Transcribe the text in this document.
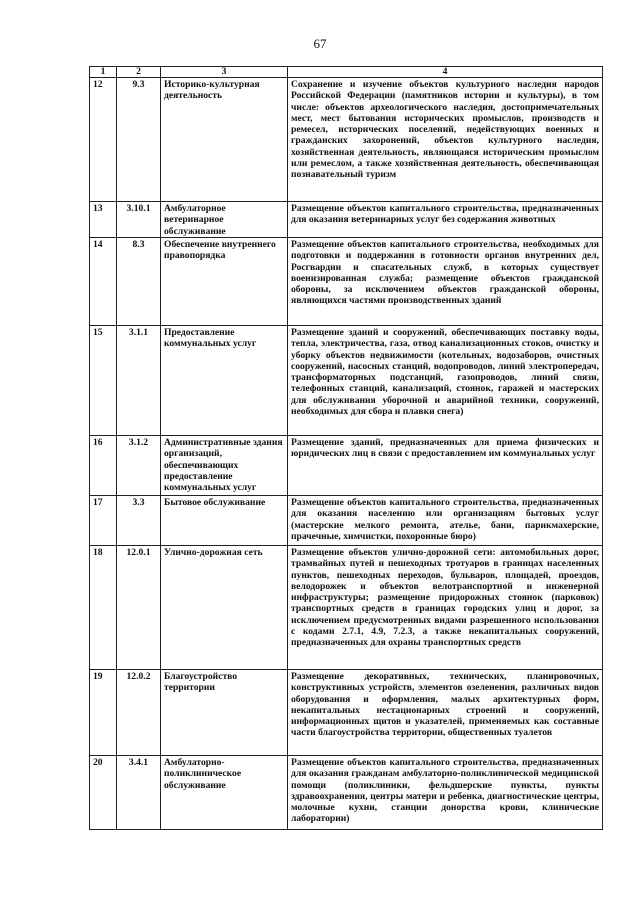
67
1	2	3	4
12	9.3	Историко-культурная деятельность	Сохранение и изучение объектов культурного наследия народов Российской Федерации (памятников истории и культуры), в том числе: объектов археологического наследия, достопримечательных мест, мест бытования исторических промыслов, производств и ремесел, исторических поселений, недействующих военных и гражданских захоронений, объектов культурного наследия, хозяйственная деятельность, являющаяся историческим промыслом или ремеслом, а также хозяйственная деятельность, обеспечивающая познавательный туризм
13	3.10.1	Амбулаторное ветеринарное обслуживание	Размещение объектов капитального строительства, предназначенных для оказания ветеринарных услуг без содержания животных
14	8.3	Обеспечение внутреннего правопорядка	Размещение объектов капитального строительства, необходимых для подготовки и поддержания в готовности органов внутренних дел, Росгвардии и спасательных служб, в которых существует военизированная служба; размещение объектов гражданской обороны, за исключением объектов гражданской обороны, являющихся частями производственных зданий
15	3.1.1	Предоставление коммунальных услуг	Размещение зданий и сооружений, обеспечивающих поставку воды, тепла, электричества, газа, отвод канализационных стоков, очистку и уборку объектов недвижимости (котельных, водозаборов, очистных сооружений, насосных станций, водопроводов, линий электропередач, трансформаторных подстанций, газопроводов, линий связи, телефонных станций, канализаций, стоянок, гаражей и мастерских для обслуживания уборочной и аварийной техники, сооружений, необходимых для сбора и плавки снега)
16	3.1.2	Административные здания организаций, обеспечивающих предоставление коммунальных услуг	Размещение зданий, предназначенных для приема физических и юридических лиц в связи с предоставлением им коммунальных услуг
17	3.3	Бытовое обслуживание	Размещение объектов капитального строительства, предназначенных для оказания населению или организациям бытовых услуг (мастерские мелкого ремонта, ателье, бани, парикмахерские, прачечные, химчистки, похоронные бюро)
18	12.0.1	Улично-дорожная сеть	Размещение объектов улично-дорожной сети: автомобильных дорог, трамвайных путей и пешеходных тротуаров в границах населенных пунктов, пешеходных переходов, бульваров, площадей, проездов, велодорожек и объектов велотранспортной и инженерной инфраструктуры; размещение придорожных стоянок (парковок) транспортных средств в границах городских улиц и дорог, за исключением предусмотренных видами разрешенного использования с кодами 2.7.1, 4.9, 7.2.3, а также некапитальных сооружений, предназначенных для охраны транспортных средств
19	12.0.2	Благоустройство территории	Размещение декоративных, технических, планировочных, конструктивных устройств, элементов озеленения, различных видов оборудования и оформления, малых архитектурных форм, некапитальных нестационарных строений и сооружений, информационных щитов и указателей, применяемых как составные части благоустройства территории, общественных туалетов
20	3.4.1	Амбулаторно-поликлиническое обслуживание	Размещение объектов капитального строительства, предназначенных для оказания гражданам амбулаторно-поликлинической медицинской помощи (поликлиники, фельдшерские пункты, пункты здравоохранения, центры матери и ребенка, диагностические центры, молочные кухни, станции донорства крови, клинические лаборатории)
